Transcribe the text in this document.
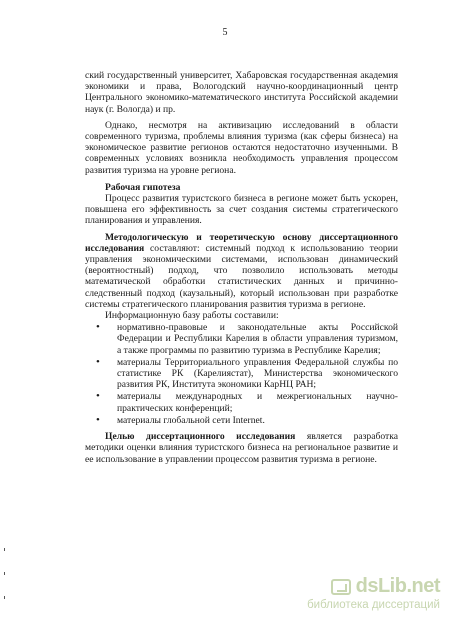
5

ский государственный университет, Хабаровская государственная академия экономики и права, Вологодский научно-координационный центр Центрального экономико-математического института Российской академии наук (г. Вологда) и пр.

Однако, несмотря на активизацию исследований в области современного туризма, проблемы влияния туризма (как сферы бизнеса) на экономическое развитие регионов остаются недостаточно изученными. В современных условиях возникла необходимость управления процессом развития туризма на уровне региона.

Рабочая гипотеза

Процесс развития туристского бизнеса в регионе может быть ускорен, повышена его эффективность за счет создания системы стратегического планирования и управления.

Методологическую и теоретическую основу диссертационного исследования составляют: системный подход к использованию теории управления экономическими системами, использован динамический (вероятностный) подход, что позволило использовать методы математической обработки статистических данных и причинно-следственный подход (каузальный), который использован при разработке системы стратегического планирования развития туризма в регионе.

Информационную базу работы составили:

• нормативно-правовые и законодательные акты Российской Федерации и Республики Карелия в области управления туризмом, а также программы по развитию туризма в Республике Карелия;
• материалы Территориального управления Федеральной службы по статистике РК (Карелиястат), Министерства экономического развития РК, Института экономики КарНЦ РАН;
• материалы международных и межрегиональных научно-практических конференций;
• материалы глобальной сети Internet.

Целью диссертационного исследования является разработка методики оценки влияния туристского бизнеса на региональное развитие и ее использование в управлении процессом развития туризма в регионе.

dsLib.net
библиотека диссертаций
